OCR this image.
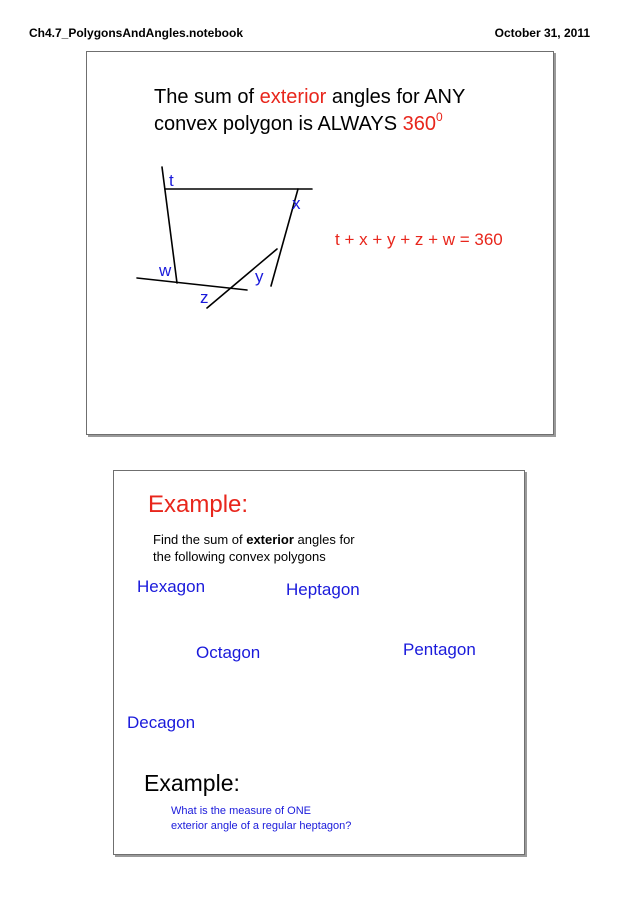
Ch4.7_PolygonsAndAngles.notebook	October 31, 2011
The sum of exterior angles for ANY
convex polygon is ALWAYS $360^0$
t
x
y
z
w
t + x + y + z + w = 360
Example:
Find the sum of exterior angles for
the following convex polygons
Hexagon	Heptagon
Octagon	Pentagon
Decagon
Example:
What is the measure of ONE
exterior angle of a regular heptagon?
